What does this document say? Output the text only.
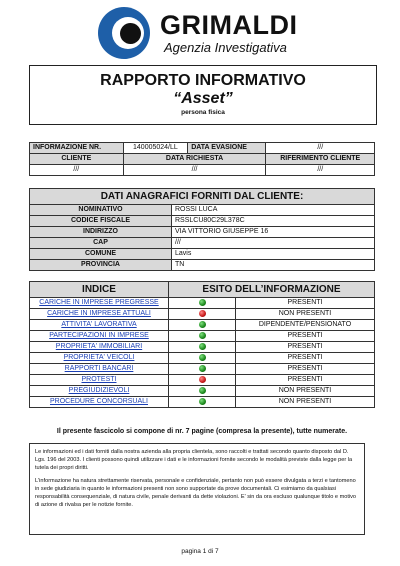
GRIMALDI
Agenzia Investigativa
RAPPORTO INFORMATIVO
“Asset”
persona fisica
INFORMAZIONE NR.	140005024/LL	DATA EVASIONE	///
CLIENTE	DATA RICHIESTA		RIFERIMENTO CLIENTE
///	///		///
DATI ANAGRAFICI FORNITI DAL CLIENTE:	
NOMINATIVO	ROSSI LUCA
CODICE FISCALE	RSSLCU80C29L378C
INDIRIZZO	VIA VITTORIO GIUSEPPE 16
CAP	///
COMUNE	Lavis
PROVINCIA	TN
INDICE	ESITO DELL’INFORMAZIONE	
CARICHE IN IMPRESE PREGRESSE		PRESENTI
CARICHE IN IMPRESE ATTUALI		NON PRESENTI
ATTIVITA' LAVORATIVA		DIPENDENTE/PENSIONATO
PARTECIPAZIONI IN IMPRESE		PRESENTI
PROPRIETA' IMMOBILIARI		PRESENTI
PROPRIETA' VEICOLI		PRESENTI
RAPPORTI BANCARI		PRESENTI
PROTESTI		PRESENTI
PREGIUDIZIEVOLI		NON PRESENTI
PROCEDURE CONCORSUALI		NON PRESENTI
Il presente fascicolo si compone di nr. 7 pagine (compresa la presente), tutte numerate.

Le informazioni ed i dati forniti dalla nostra azienda alla propria clientela, sono raccolti e trattati secondo quanto disposto dal D. Lgs. 196 del 2003. I clienti possono quindi utilizzare i dati e le informazioni fornite secondo le modalità previste dalla legge per la tutela dei propri diritti.

L'informazione ha natura strettamente riservata, personale e confidenziale, pertanto non può essere divulgata a terzi e tantomeno in sede giudiziaria in quanto le informazioni presenti non sono supportate da prove documentali. Ci esimiamo da qualsiasi responsabilità consequenziale, di natura civile, penale derivanti da dette violazioni. E' sin da ora escluso qualunque titolo e motivo di azione di rivalsa per le notizie fornite.

pagina 1 di 7
